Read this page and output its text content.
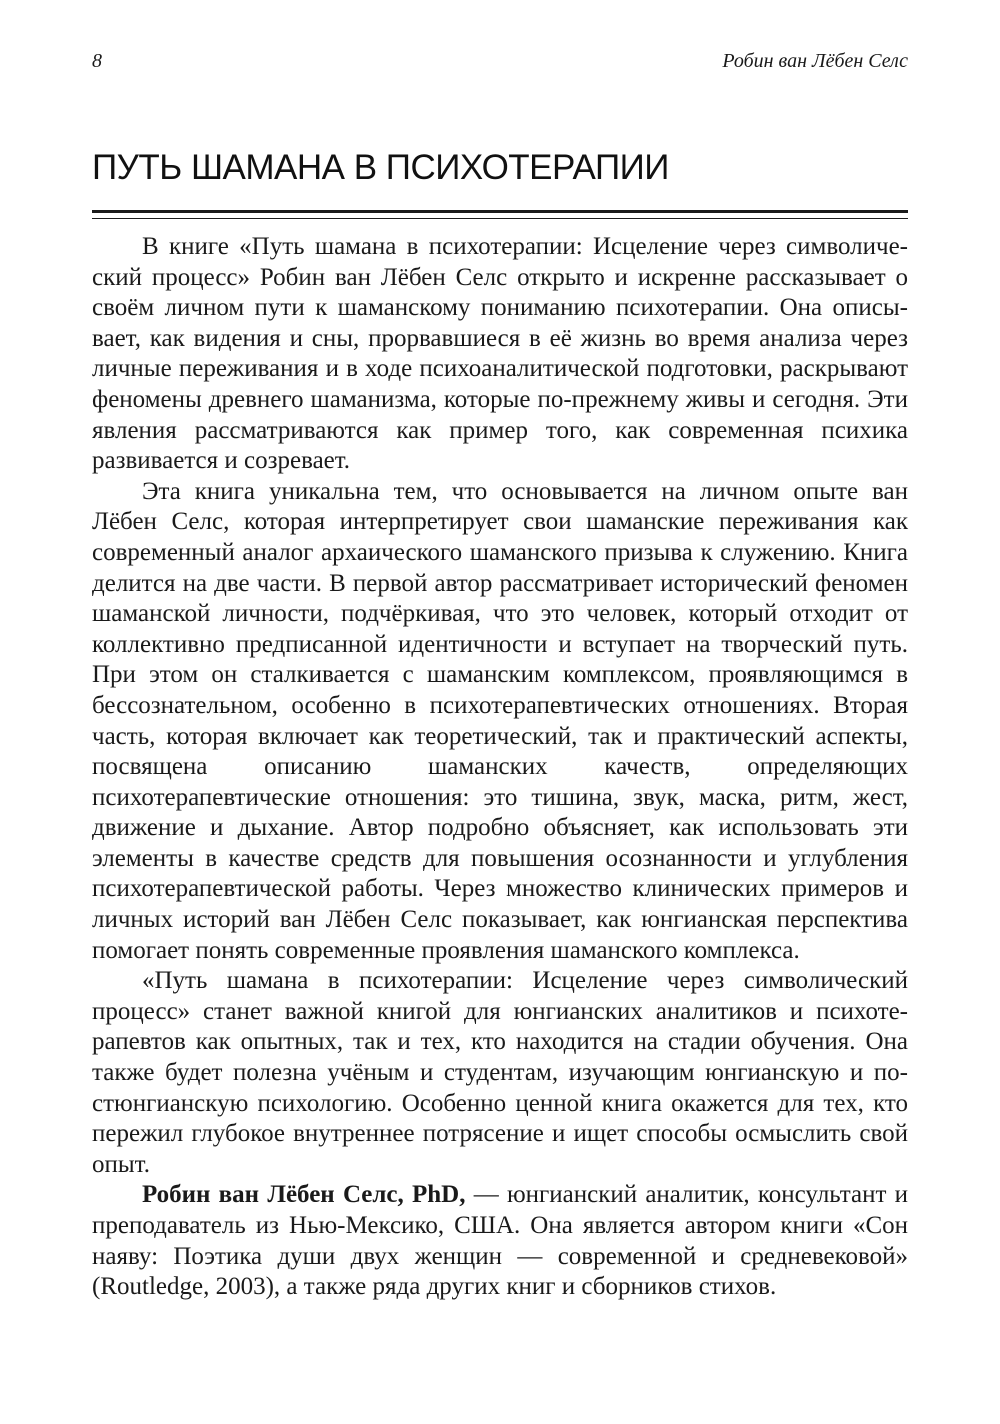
8	Робин ван Лёбен Селс
ПУТЬ ШАМАНА В ПСИХОТЕРАПИИ

В книге «Путь шамана в психотерапии: Исцеление через символический процесс» Робин ван Лёбен Селс открыто и искренне рассказывает о своём личном пути к шаманскому пониманию психотерапии. Она описывает, как видения и сны, прорвавшиеся в её жизнь во время анализа через личные переживания и в ходе психоаналитической подготовки, раскрывают феномены древнего шаманизма, которые по-прежнему живы и сегодня. Эти явления рассматриваются как пример того, как современная психика развивается и созревает.

Эта книга уникальна тем, что основывается на личном опыте ван Лёбен Селс, которая интерпретирует свои шаманские переживания как современный аналог архаического шаманского призыва к служению. Книга делится на две части. В первой автор рассматривает исторический феномен шаманской личности, подчёркивая, что это человек, который отходит от коллективно предписанной идентичности и вступает на творческий путь. При этом он сталкивается с шаманским комплексом, проявляющимся в бессознательном, особенно в психотерапевтических отношениях. Вторая часть, которая включает как теоретический, так и практический аспекты, посвящена описанию шаманских качеств, определяющих психотерапевтические отношения: это тишина, звук, маска, ритм, жест, движение и дыхание. Автор подробно объясняет, как использовать эти элементы в качестве средств для повышения осознанности и углубления психотерапевтической работы. Через множество клинических примеров и личных историй ван Лёбен Селс показывает, как юнгианская перспектива помогает понять современные проявления шаманского комплекса.

«Путь шамана в психотерапии: Исцеление через символический процесс» станет важной книгой для юнгианских аналитиков и психотерапевтов как опытных, так и тех, кто находится на стадии обучения. Она также будет полезна учёным и студентам, изучающим юнгианскую и постюнгианскую психологию. Особенно ценной книга окажется для тех, кто пережил глубокое внутреннее потрясение и ищет способы осмыслить свой опыт.

Робин ван Лёбен Селс, PhD, — юнгианский аналитик, консультант и преподаватель из Нью-Мексико, США. Она является автором книги «Сон наяву: Поэтика души двух женщин — современной и средневековой» (Routledge, 2003), а также ряда других книг и сборников стихов.
